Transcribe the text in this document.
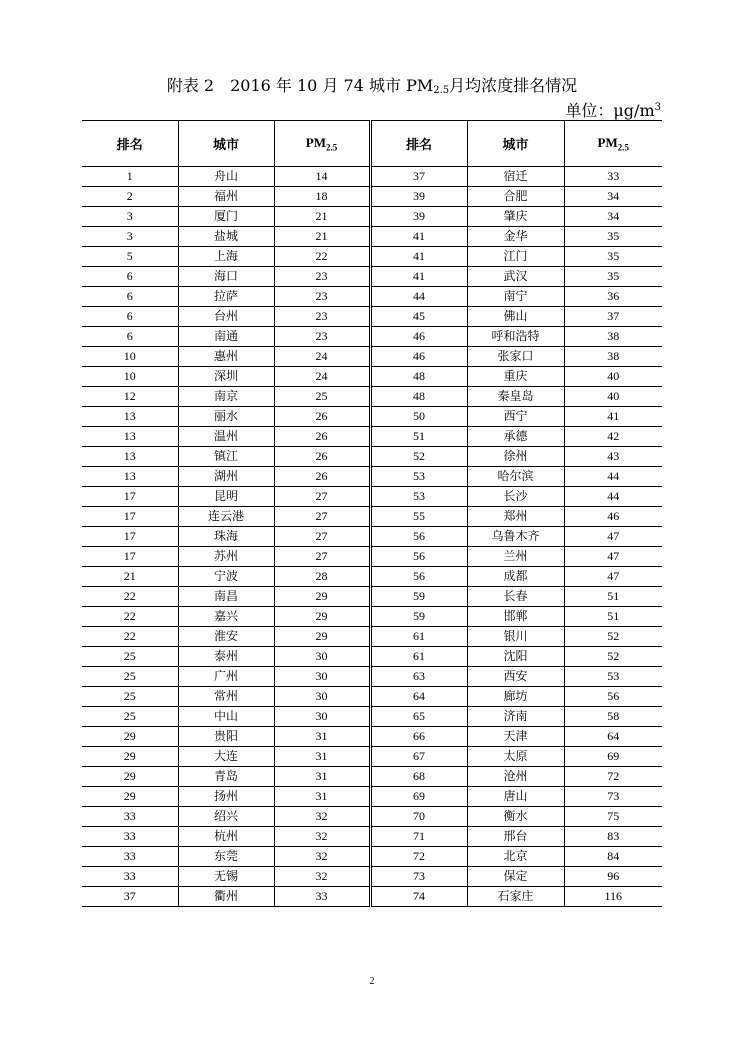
附表 2　2016 年 10 月 74 城市 $PM_{2.5}$月均浓度排名情况
单位：$\mu g/m^3$
排名	城市	$PM_{2.5}$	排名	城市	$PM_{2.5}$
1	舟山	14	37	宿迁	33
2	福州	18	39	合肥	34
3	厦门	21	39	肇庆	34
3	盐城	21	41	金华	35
5	上海	22	41	江门	35
6	海口	23	41	武汉	35
6	拉萨	23	44	南宁	36
6	台州	23	45	佛山	37
6	南通	23	46	呼和浩特	38
10	惠州	24	46	张家口	38
10	深圳	24	48	重庆	40
12	南京	25	48	秦皇岛	40
13	丽水	26	50	西宁	41
13	温州	26	51	承德	42
13	镇江	26	52	徐州	43
13	湖州	26	53	哈尔滨	44
17	昆明	27	53	长沙	44
17	连云港	27	55	郑州	46
17	珠海	27	56	乌鲁木齐	47
17	苏州	27	56	兰州	47
21	宁波	28	56	成都	47
22	南昌	29	59	长春	51
22	嘉兴	29	59	邯郸	51
22	淮安	29	61	银川	52
25	泰州	30	61	沈阳	52
25	广州	30	63	西安	53
25	常州	30	64	廊坊	56
25	中山	30	65	济南	58
29	贵阳	31	66	天津	64
29	大连	31	67	太原	69
29	青岛	31	68	沧州	72
29	扬州	31	69	唐山	73
33	绍兴	32	70	衡水	75
33	杭州	32	71	邢台	83
33	东莞	32	72	北京	84
33	无锡	32	73	保定	96
37	衢州	33	74	石家庄	116
2
